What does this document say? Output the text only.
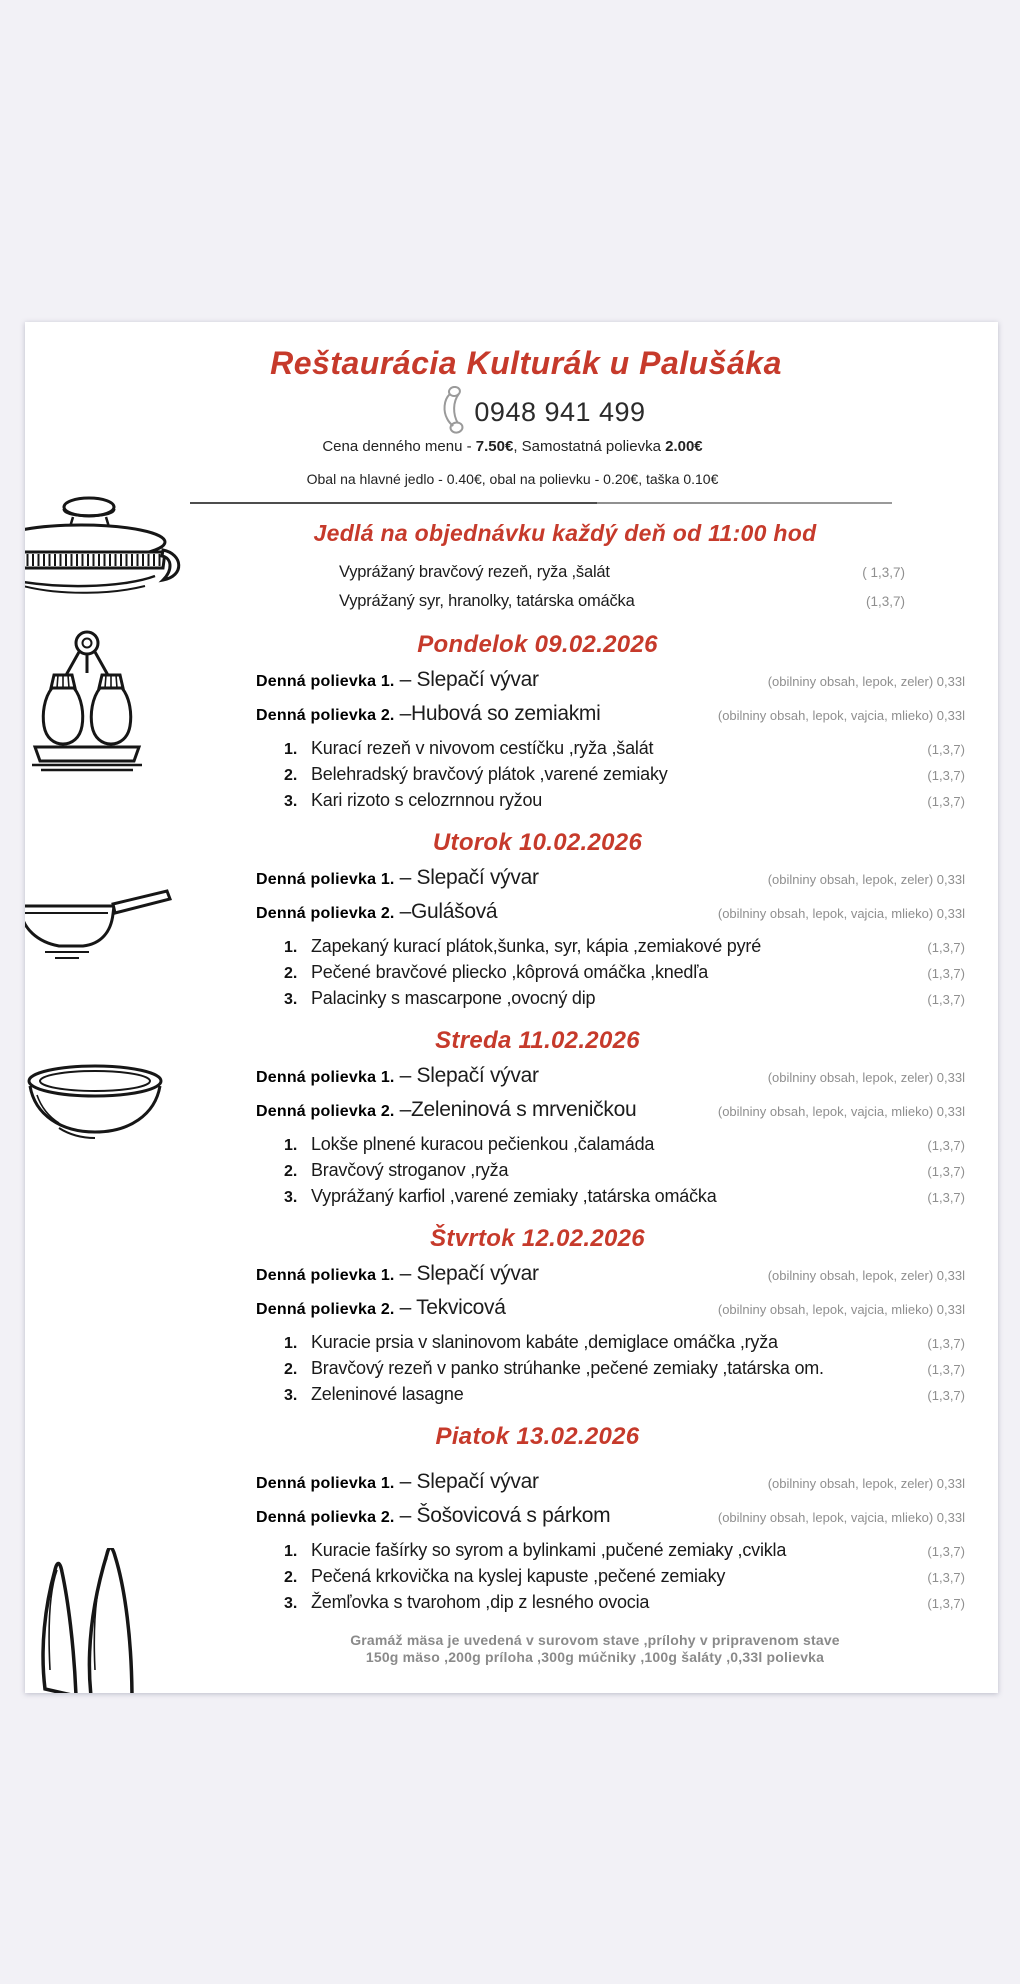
Reštaurácia Kulturák u Palušáka
0948 941 499
Cena denného menu - 7.50€, Samostatná polievka 2.00€
Obal na hlavné jedlo - 0.40€, obal na polievku - 0.20€, taška 0.10€
Jedlá na objednávku každý deň od 11:00 hod
Vyprážaný bravčový rezeň, ryža ,šalát	( 1,3,7)
Vyprážaný syr, hranolky, tatárska omáčka	(1,3,7)
Pondelok 09.02.2026
Denná polievka 1. – Slepačí vývar	(obilniny obsah, lepok, zeler) 0,33l
Denná polievka 2. –Hubová so zemiakmi	(obilniny obsah, lepok, vajcia, mlieko) 0,33l
1. Kurací rezeň v nivovom cestíčku ,ryža ,šalát	(1,3,7)
2. Belehradský bravčový plátok ,varené zemiaky	(1,3,7)
3. Kari rizoto s celozrnnou ryžou	(1,3,7)
Utorok 10.02.2026
Denná polievka 1. – Slepačí vývar	(obilniny obsah, lepok, zeler) 0,33l
Denná polievka 2. –Gulášová	(obilniny obsah, lepok, vajcia, mlieko) 0,33l
1. Zapekaný kurací plátok,šunka, syr, kápia ,zemiakové pyré	(1,3,7)
2. Pečené bravčové pliecko ,kôprová omáčka ,knedľa	(1,3,7)
3. Palacinky s mascarpone ,ovocný dip	(1,3,7)
Streda 11.02.2026
Denná polievka 1. – Slepačí vývar	(obilniny obsah, lepok, zeler) 0,33l
Denná polievka 2. –Zeleninová s mrveničkou	(obilniny obsah, lepok, vajcia, mlieko) 0,33l
1. Lokše plnené kuracou pečienkou ,čalamáda	(1,3,7)
2. Bravčový stroganov ,ryža	(1,3,7)
3. Vyprážaný karfiol ,varené zemiaky ,tatárska omáčka	(1,3,7)
Štvrtok 12.02.2026
Denná polievka 1. – Slepačí vývar	(obilniny obsah, lepok, zeler) 0,33l
Denná polievka 2. – Tekvicová	(obilniny obsah, lepok, vajcia, mlieko) 0,33l
1. Kuracie prsia v slaninovom kabáte ,demiglace omáčka ,ryža	(1,3,7)
2. Bravčový rezeň v panko strúhanke ,pečené zemiaky ,tatárska om.	(1,3,7)
3. Zeleninové lasagne	(1,3,7)
Piatok 13.02.2026
Denná polievka 1. – Slepačí vývar	(obilniny obsah, lepok, zeler) 0,33l
Denná polievka 2. – Šošovicová s párkom	(obilniny obsah, lepok, vajcia, mlieko) 0,33l
1. Kuracie fašírky so syrom a bylinkami ,pučené zemiaky ,cvikla	(1,3,7)
2. Pečená krkovička na kyslej kapuste ,pečené zemiaky	(1,3,7)
3. Žemľovka s tvarohom ,dip z lesného ovocia	(1,3,7)
Gramáž mäsa je uvedená v surovom stave ,prílohy v pripravenom stave
150g mäso ,200g príloha ,300g múčniky ,100g šaláty ,0,33l polievka
